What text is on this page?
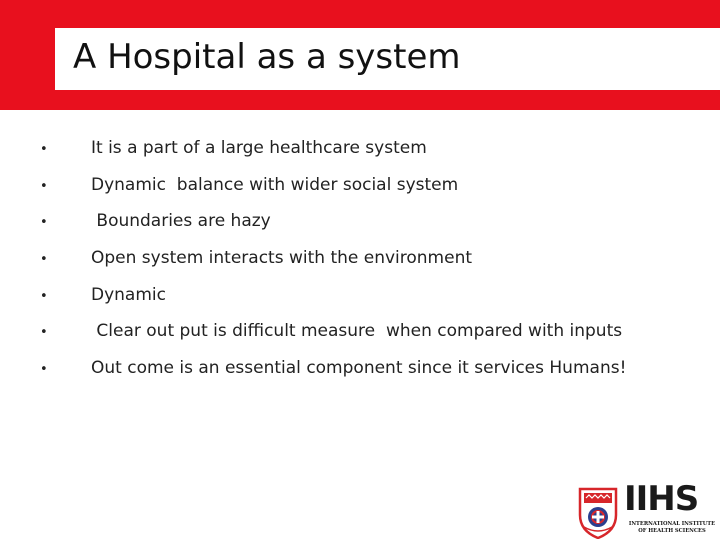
A Hospital as a system
•	It is a part of a large healthcare system
•	Dynamic  balance with wider social system
•	Boundaries are hazy
•	Open system interacts with the environment
•	Dynamic
•	Clear out put is difficult measure  when compared with inputs
•	Out come is an essential component since it services Humans!
IIHS
INTERNATIONAL INSTITUTE
OF HEALTH SCIENCES
